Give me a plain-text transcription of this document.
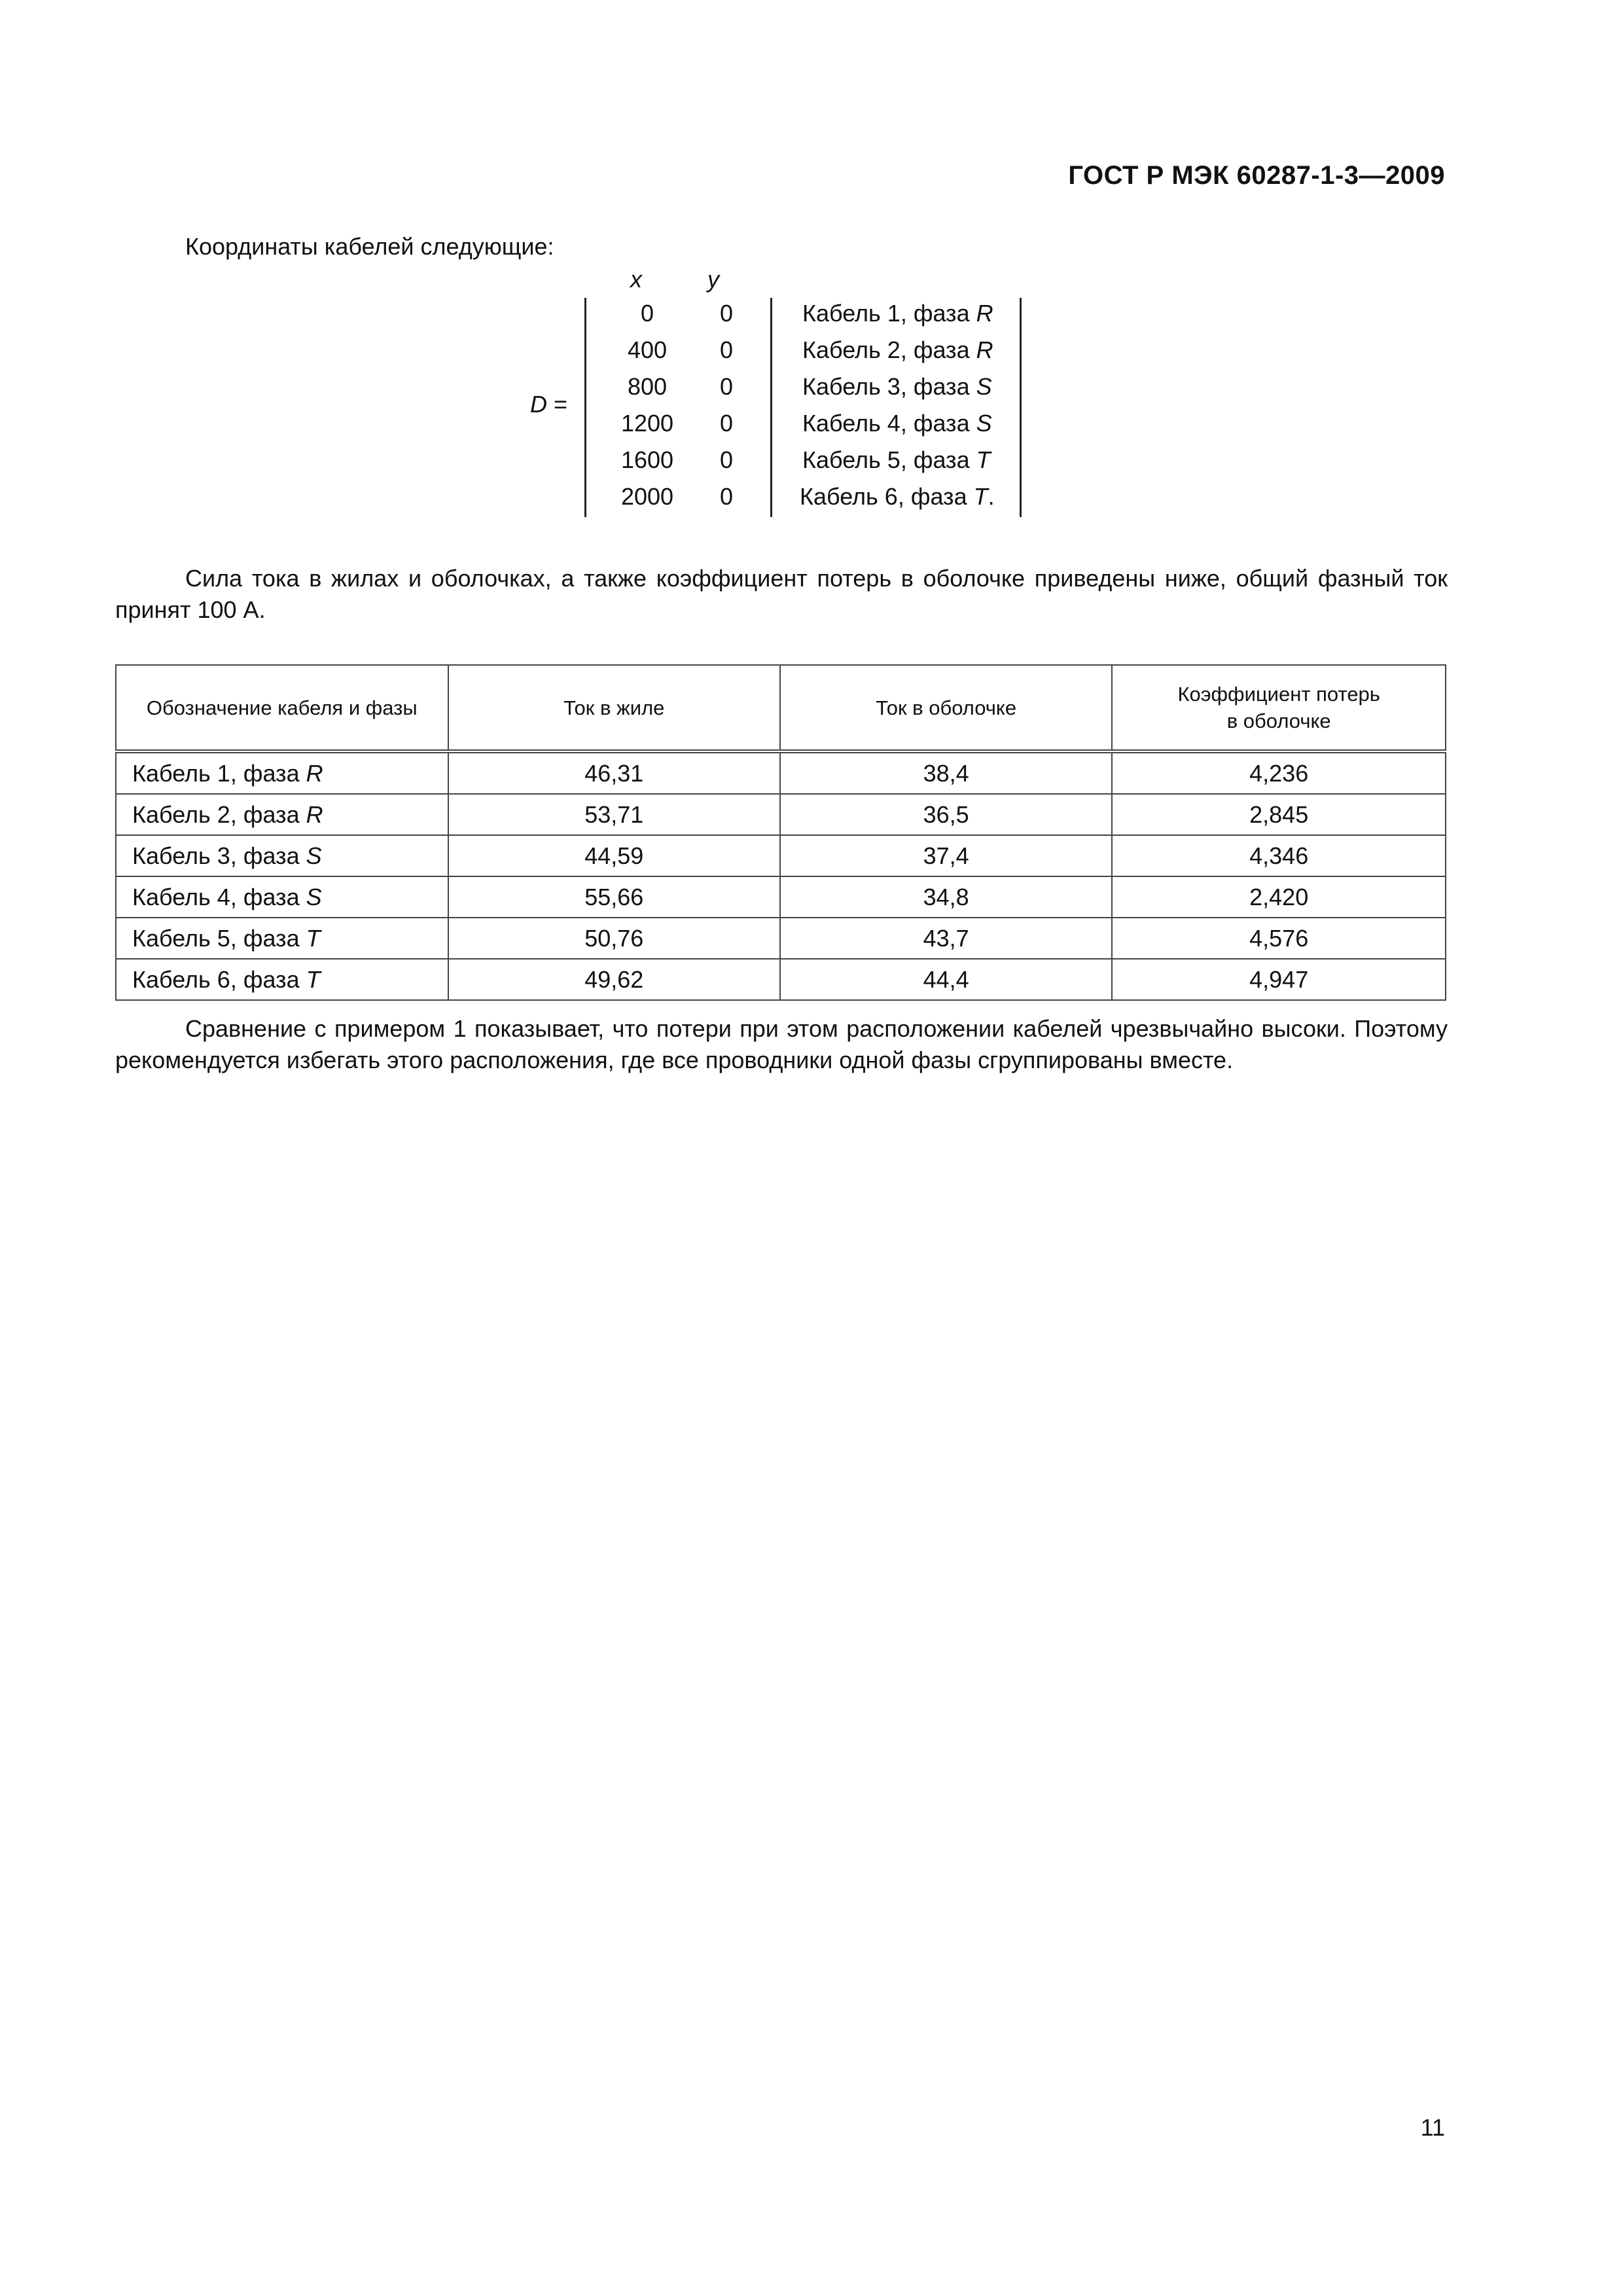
ГОСТ Р МЭК 60287-1-3—2009
Координаты кабелей следующие:
D =
x	y
0	0	Кабель 1, фаза R
400	0	Кабель 2, фаза R
800	0	Кабель 3, фаза S
1200	0	Кабель 4, фаза S
1600	0	Кабель 5, фаза T
2000	0	Кабель 6, фаза T.

Сила тока в жилах и оболочках, а также коэффициент потерь в оболочке приведены ниже, общий фазный ток принят 100 А.

Обозначение кабеля и фазы	Ток в жиле	Ток в оболочке	Коэффициент потерь
в оболочке
Кабель 1, фаза R	46,31	38,4	4,236
Кабель 2, фаза R	53,71	36,5	2,845
Кабель 3, фаза S	44,59	37,4	4,346
Кабель 4, фаза S	55,66	34,8	2,420
Кабель 5, фаза T	50,76	43,7	4,576
Кабель 6, фаза T	49,62	44,4	4,947

Сравнение с примером 1 показывает, что потери при этом расположении кабелей чрезвычайно высоки. Поэтому рекомендуется избегать этого расположения, где все проводники одной фазы сгруппированы вместе.

11
